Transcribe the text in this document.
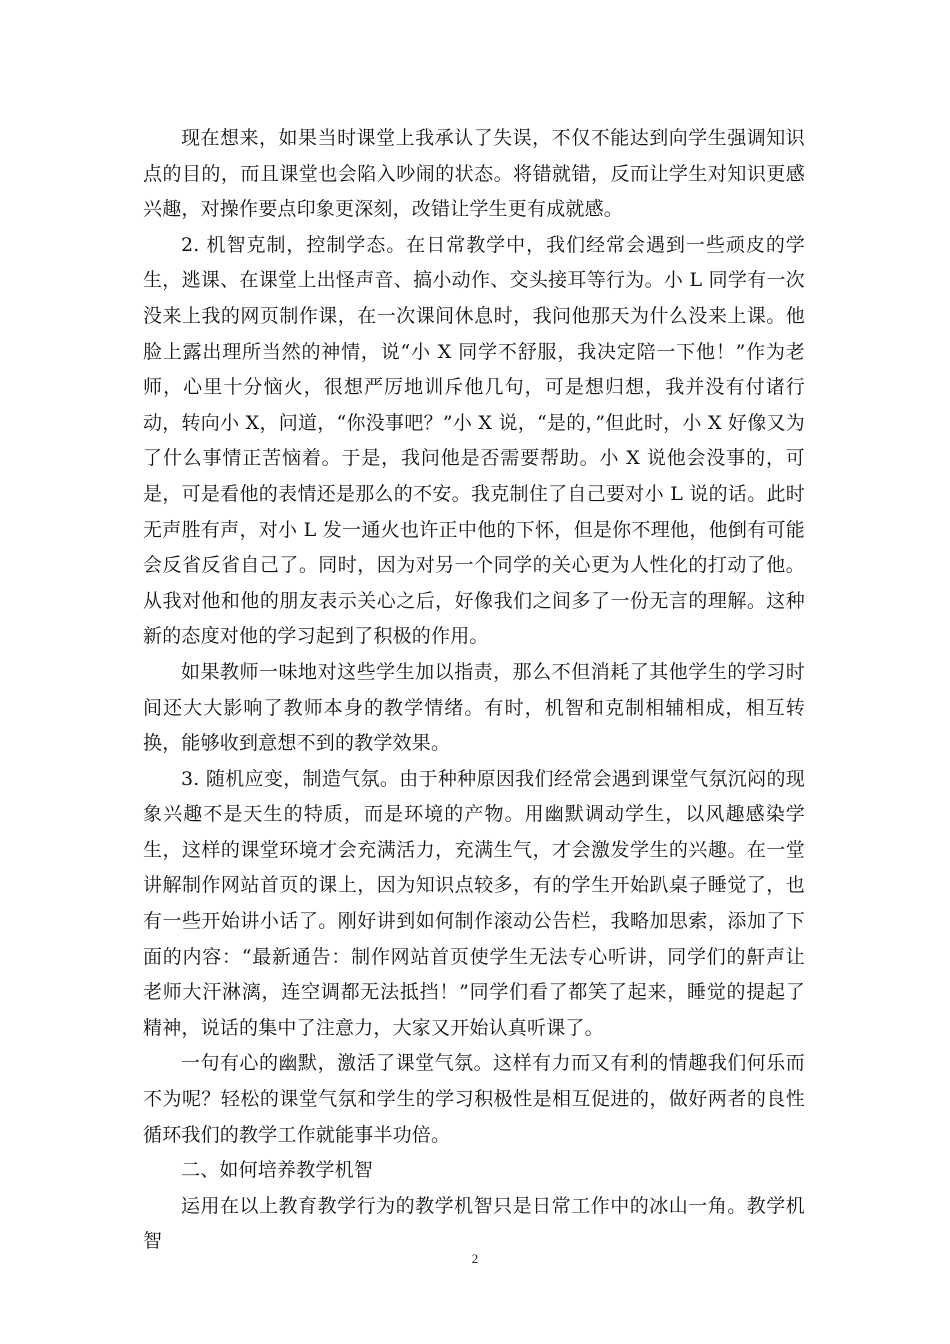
现在想来，如果当时课堂上我承认了失误，不仅不能达到向学生强调知识点的目的，而且课堂也会陷入吵闹的状态。将错就错，反而让学生对知识更感兴趣，对操作要点印象更深刻，改错让学生更有成就感。

2. 机智克制，控制学态。在日常教学中，我们经常会遇到一些顽皮的学生，逃课、在课堂上出怪声音、搞小动作、交头接耳等行为。小 L 同学有一次没来上我的网页制作课，在一次课间休息时，我问他那天为什么没来上课。他脸上露出理所当然的神情，说“小 X 同学不舒服，我决定陪一下他！”作为老师，心里十分恼火，很想严厉地训斥他几句，可是想归想，我并没有付诸行动，转向小 X，问道，“你没事吧？”小 X 说，“是的，”但此时，小 X 好像又为了什么事情正苦恼着。于是，我问他是否需要帮助。小 X 说他会没事的，可是，可是看他的表情还是那么的不安。我克制住了自己要对小 L 说的话。此时无声胜有声，对小 L 发一通火也许正中他的下怀，但是你不理他，他倒有可能会反省反省自己了。同时，因为对另一个同学的关心更为人性化的打动了他。从我对他和他的朋友表示关心之后，好像我们之间多了一份无言的理解。这种新的态度对他的学习起到了积极的作用。

如果教师一味地对这些学生加以指责，那么不但消耗了其他学生的学习时间还大大影响了教师本身的教学情绪。有时，机智和克制相辅相成，相互转换，能够收到意想不到的教学效果。

3. 随机应变，制造气氛。由于种种原因我们经常会遇到课堂气氛沉闷的现象兴趣不是天生的特质，而是环境的产物。用幽默调动学生，以风趣感染学生，这样的课堂环境才会充满活力，充满生气，才会激发学生的兴趣。在一堂讲解制作网站首页的课上，因为知识点较多，有的学生开始趴桌子睡觉了，也有一些开始讲小话了。刚好讲到如何制作滚动公告栏，我略加思索，添加了下面的内容：“最新通告：制作网站首页使学生无法专心听讲，同学们的鼾声让老师大汗淋漓，连空调都无法抵挡！”同学们看了都笑了起来，睡觉的提起了精神，说话的集中了注意力，大家又开始认真听课了。

一句有心的幽默，激活了课堂气氛。这样有力而又有利的情趣我们何乐而不为呢？轻松的课堂气氛和学生的学习积极性是相互促进的，做好两者的良性循环我们的教学工作就能事半功倍。

二、如何培养教学机智

运用在以上教育教学行为的教学机智只是日常工作中的冰山一角。教学机智

2
